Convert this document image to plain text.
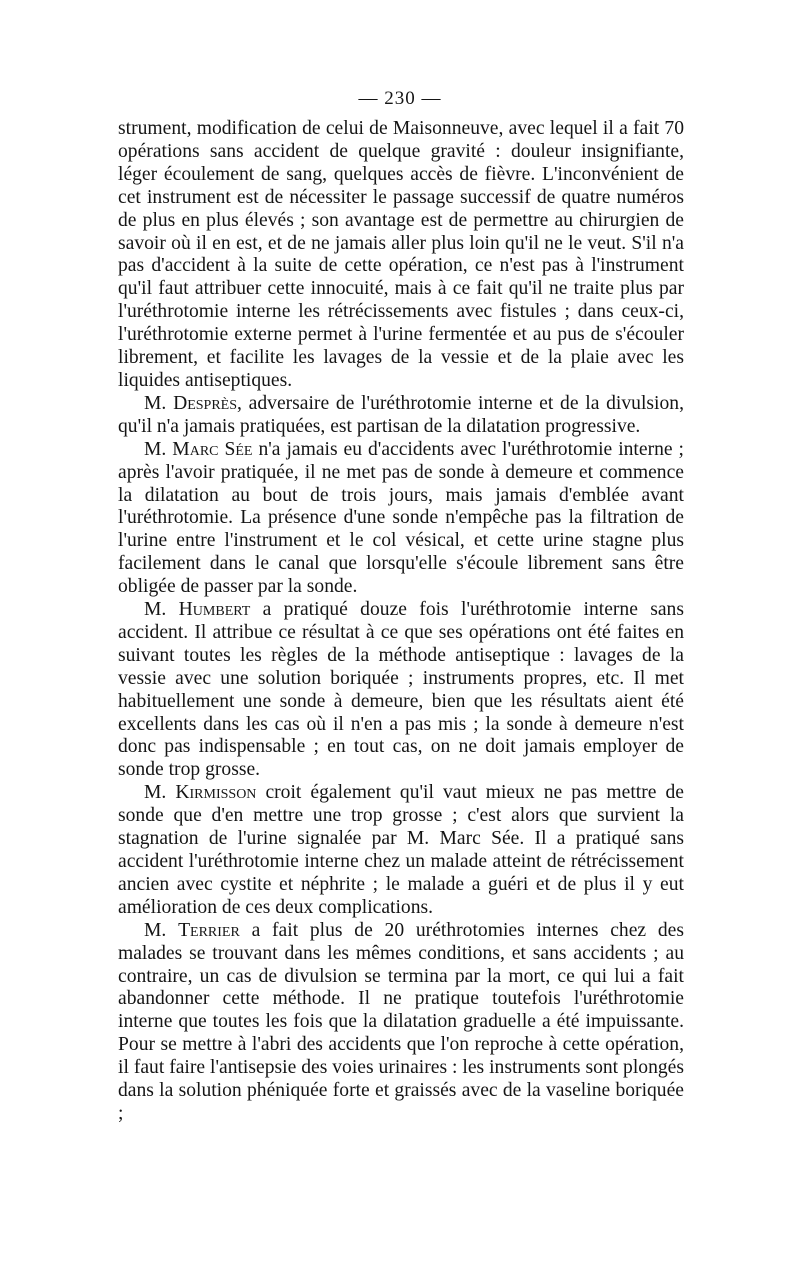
— 230 —

strument, modification de celui de Maisonneuve, avec lequel il a fait 70 opérations sans accident de quelque gravité : douleur insignifiante, léger écoulement de sang, quelques accès de fièvre. L'inconvénient de cet instrument est de nécessiter le passage successif de quatre numéros de plus en plus élevés ; son avantage est de permettre au chirurgien de savoir où il en est, et de ne jamais aller plus loin qu'il ne le veut. S'il n'a pas d'accident à la suite de cette opération, ce n'est pas à l'instrument qu'il faut attribuer cette innocuité, mais à ce fait qu'il ne traite plus par l'uréthrotomie interne les rétrécissements avec fistules ; dans ceux-ci, l'uréthrotomie externe permet à l'urine fermentée et au pus de s'écouler librement, et facilite les lavages de la vessie et de la plaie avec les liquides antiseptiques.

M. Desprès, adversaire de l'uréthrotomie interne et de la divulsion, qu'il n'a jamais pratiquées, est partisan de la dilatation progressive.

M. Marc Sée n'a jamais eu d'accidents avec l'uréthrotomie interne ; après l'avoir pratiquée, il ne met pas de sonde à demeure et commence la dilatation au bout de trois jours, mais jamais d'emblée avant l'uréthrotomie. La présence d'une sonde n'empêche pas la filtration de l'urine entre l'instrument et le col vésical, et cette urine stagne plus facilement dans le canal que lorsqu'elle s'écoule librement sans être obligée de passer par la sonde.

M. Humbert a pratiqué douze fois l'uréthrotomie interne sans accident. Il attribue ce résultat à ce que ses opérations ont été faites en suivant toutes les règles de la méthode antiseptique : lavages de la vessie avec une solution boriquée ; instruments propres, etc. Il met habituellement une sonde à demeure, bien que les résultats aient été excellents dans les cas où il n'en a pas mis ; la sonde à demeure n'est donc pas indispensable ; en tout cas, on ne doit jamais employer de sonde trop grosse.

M. Kirmisson croit également qu'il vaut mieux ne pas mettre de sonde que d'en mettre une trop grosse ; c'est alors que survient la stagnation de l'urine signalée par M. Marc Sée. Il a pratiqué sans accident l'uréthrotomie interne chez un malade atteint de rétrécissement ancien avec cystite et néphrite ; le malade a guéri et de plus il y eut amélioration de ces deux complications.

M. Terrier a fait plus de 20 uréthrotomies internes chez des malades se trouvant dans les mêmes conditions, et sans accidents ; au contraire, un cas de divulsion se termina par la mort, ce qui lui a fait abandonner cette méthode. Il ne pratique toutefois l'uréthrotomie interne que toutes les fois que la dilatation graduelle a été impuissante. Pour se mettre à l'abri des accidents que l'on reproche à cette opération, il faut faire l'antisepsie des voies urinaires : les instruments sont plongés dans la solution phéniquée forte et graissés avec de la vaseline boriquée ;
